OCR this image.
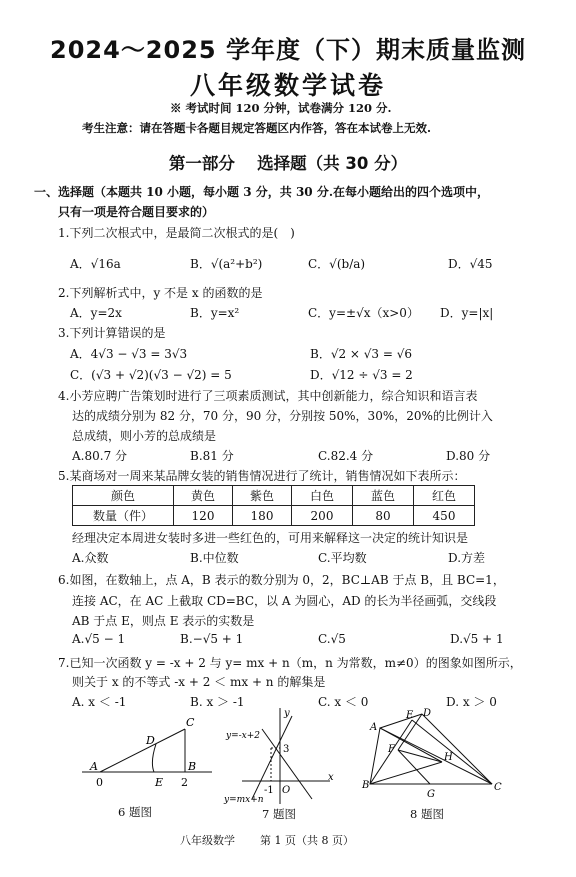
2024～2025 学年度（下）期末质量监测
八年级数学试卷
※ 考试时间 120 分钟，试卷满分 120 分.
考生注意：请在答题卡各题目规定答题区内作答，答在本试卷上无效.
第一部分　 选择题（共 30 分）
一、选择题（本题共 10 小题，每小题 3 分，共 30 分.在每小题给出的四个选项中，
只有一项是符合题目要求的）
1.下列二次根式中，是最简二次根式的是(　)
A．√16a	B．√(a²+b²)	C．√(b/a)	D．√45
2.下列解析式中，y 不是 x 的函数的是
A．y=2x	B．y=x²	C．y=±√x（x>0） D．y=|x|
3.下列计算错误的是
A．4√3 − √3 = 3√3	B．√2 × √3 = √6
C．(√3 + √2)(√3 − √2) = 5	D．√12 ÷ √3 = 2
4.小芳应聘广告策划时进行了三项素质测试，其中创新能力，综合知识和语言表
达的成绩分别为 82 分，70 分，90 分，分别按 50%，30%，20%的比例计入
总成绩，则小芳的总成绩是
A.80.7 分	B.81 分	C.82.4 分	D.80 分
5.某商场对一周来某品牌女装的销售情况进行了统计，销售情况如下表所示：
颜色	黄色	紫色	白色	蓝色	红色
数量（件）	120	180	200	80	450
经理决定本周进女装时多进一些红色的，可用来解释这一决定的统计知识是
A.众数	B.中位数	C.平均数	D.方差
6.如图，在数轴上，点 A，B 表示的数分别为 0，2，BC⊥AB 于点 B，且 BC=1，
连接 AC，在 AC 上截取 CD=BC，以 A 为圆心，AD 的长为半径画弧，交线段
AB 于点 E，则点 E 表示的实数是
A.√5 − 1	B.−√5 + 1	C.√5	D.√5 + 1
7.已知一次函数 y = -x + 2 与 y= mx + n（m，n 为常数，m≠0）的图象如图所示，
则关于 x 的不等式 -x + 2 ＜ mx + n 的解集是
A. x ＜ -1	B. x ＞ -1	C. x ＜ 0	D. x ＞ 0
A
D
C
E
B
0	2
6 题图
y
y=-x+2
3
-1 O
x
y=mx+n
7 题图
E D
A
F
H
B
G
C
8 题图
八年级数学 第 1 页（共 8 页）
